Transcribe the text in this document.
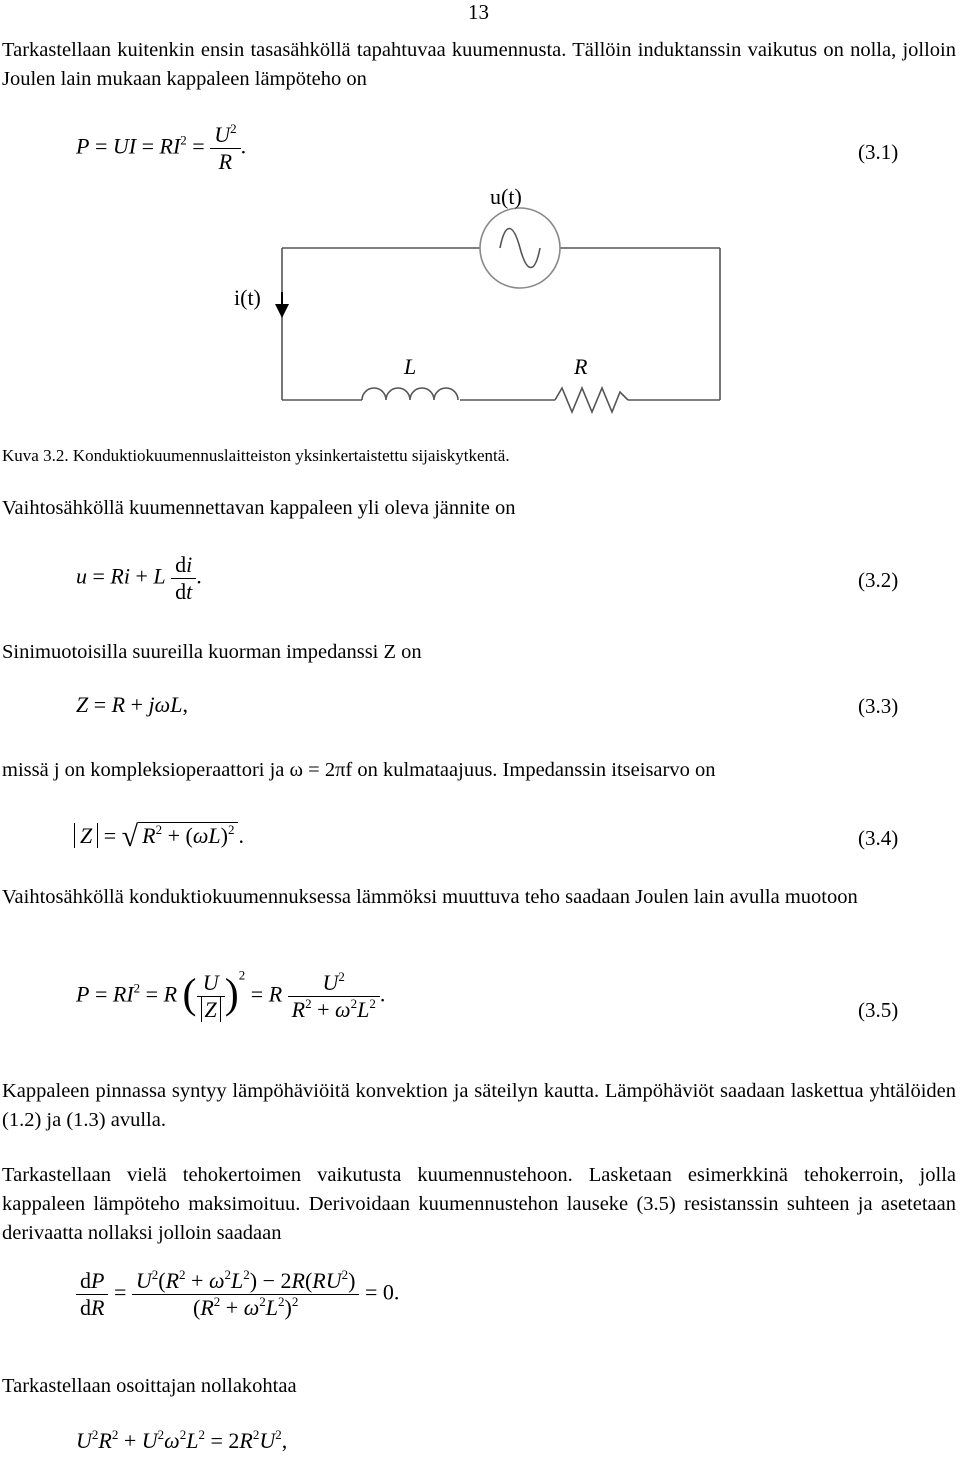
13
Tarkastellaan kuitenkin ensin tasasähköllä tapahtuvaa kuumennusta. Tällöin induktanssin vaikutus on nolla, jolloin Joulen lain mukaan kappaleen lämpöteho on
P = UI = $RI^2 = \frac{U^2}{R}$ .	(3.1)
u(t)
i(t)
L	R
Kuva 3.2. Konduktiokuumennuslaitteiston yksinkertaistettu sijaiskytkentä.
Vaihtosähköllä kuumennettavan kappaleen yli oleva jännite on
u = Ri + L $\frac{di}{dt}$ .	(3.2)
Sinimuotoisilla suureilla kuorman impedanssi Z on
Z = R + jωL,	(3.3)
missä j on kompleksioperaattori ja ω = 2πf on kulmataajuus. Impedanssin itseisarvo on
Z = √ $R^2 + (\omega L)^2$ .	(3.4)
Vaihtosähköllä konduktiokuumennuksessa lämmöksi muuttuva teho saadaan Joulen lain avulla muotoon
$P = RI^2 = R$ ( $\frac{U}{Z} )^2 = R \frac{U^2}{R^2 + \omega^2L^2}$ .
(3.5)
Kappaleen pinnassa syntyy lämpöhäviöitä konvektion ja säteilyn kautta. Lämpöhäviöt saadaan laskettua yhtälöiden (1.2) ja (1.3) avulla.
Tarkastellaan vielä tehokertoimen vaikutusta kuumennustehoon. Lasketaan esimerkkinä tehokerroin, jolla kappaleen lämpöteho maksimoituu. Derivoidaan kuumennustehon lauseke (3.5) resistanssin suhteen ja asetetaan derivaatta nollaksi jolloin saadaan
$\frac{dP}{dR} = \frac{U^2(R^2 + \omega^2L^2) - 2R(RU^2)}{(R^2 + \omega^2L^2)^2} = 0$.
Tarkastellaan osoittajan nollakohtaa
$U^2R^2 + U^2\omega^2L^2 = 2R^2U^2$,
